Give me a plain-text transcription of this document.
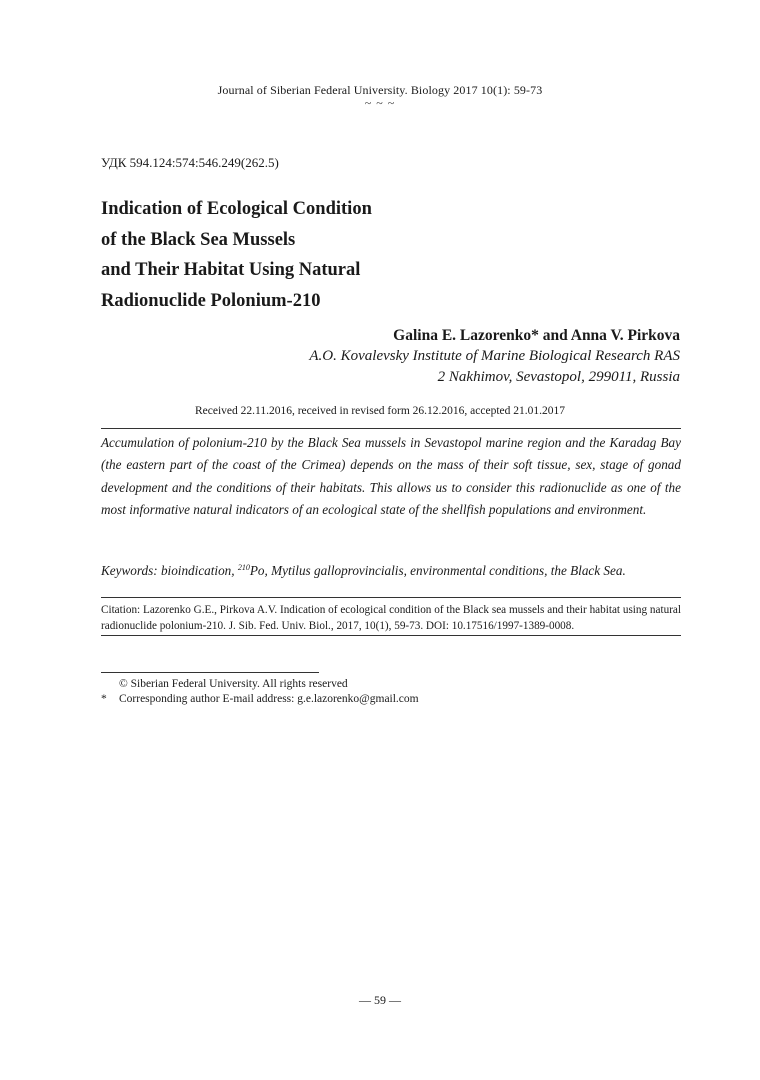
Journal of Siberian Federal University. Biology 2017 10(1): 59-73
~ ~ ~
УДК 594.124:574:546.249(262.5)
Indication of Ecological Condition
of the Black Sea Mussels
and Their Habitat Using Natural
Radionuclide Polonium-210
Galina E. Lazorenko* and Anna V. Pirkova
A.O. Kovalevsky Institute of Marine Biological Research RAS
2 Nakhimov, Sevastopol, 299011, Russia
Received 22.11.2016, received in revised form 26.12.2016, accepted 21.01.2017
Accumulation of polonium-210 by the Black Sea mussels in Sevastopol marine region and the Karadag Bay (the eastern part of the coast of the Crimea) depends on the mass of their soft tissue, sex, stage of gonad development and the conditions of their habitats. This allows us to consider this radionuclide as one of the most informative natural indicators of an ecological state of the shellfish populations and environment.
Keywords: bioindication, $^{210}$Po, Mytilus galloprovincialis, environmental conditions, the Black Sea.
Citation: Lazorenko G.E., Pirkova A.V. Indication of ecological condition of the Black sea mussels and their habitat using natural radionuclide polonium-210. J. Sib. Fed. Univ. Biol., 2017, 10(1), 59-73. DOI: 10.17516/1997-1389-0008.
© Siberian Federal University. All rights reserved
* Corresponding author E-mail address: g.e.lazorenko@gmail.com
— 59 —
